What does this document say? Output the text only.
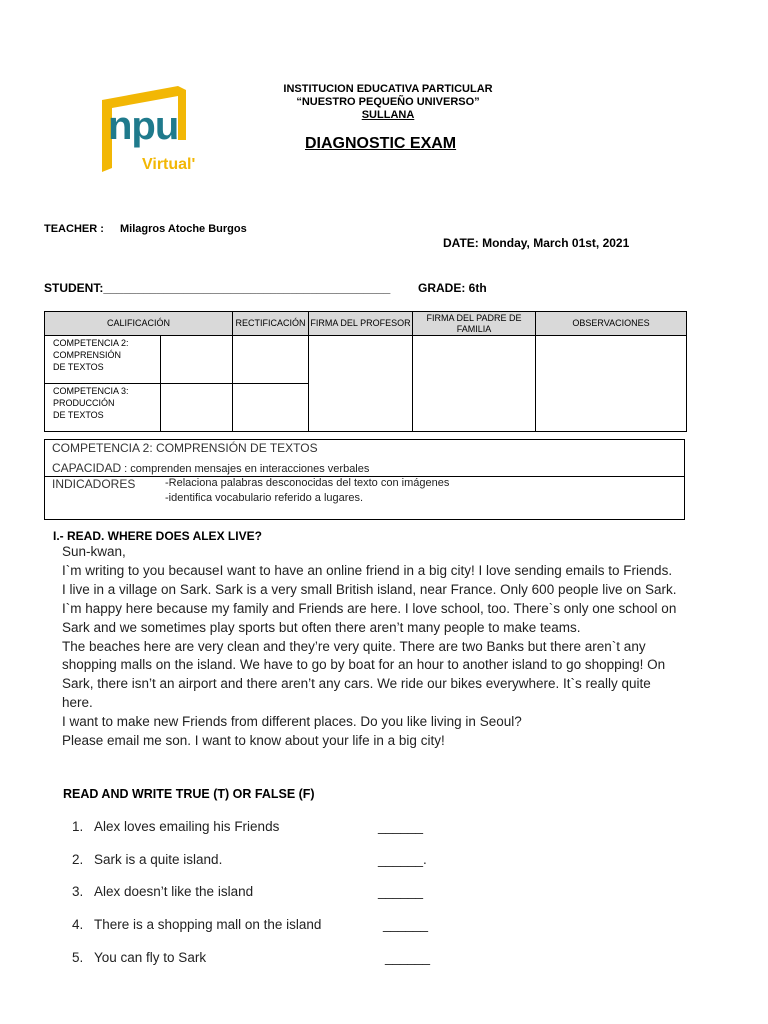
INSTITUCION EDUCATIVA PARTICULAR
“NUESTRO PEQUEÑO UNIVERSO”
SULLANA
npu
Virtual'
DIAGNOSTIC EXAM
TEACHER : Milagros Atoche Burgos
DATE: Monday, March 01st, 2021
STUDENT:___________________________________________ GRADE: 6th
CALIFICACIÓN		RECTIFICACIÓN	FIRMA DEL PROFESOR	FIRMA DEL PADRE DE FAMILIA	OBSERVACIONES

COMPETENCIA 2:
COMPRENSIÓN
DE TEXTOS					

COMPETENCIA 3:
PRODUCCIÓN
DE TEXTOS					

COMPETENCIA 2: COMPRENSIÓN DE TEXTOS
CAPACIDAD : comprenden mensajes en interacciones verbales
INDICADORES	-Relaciona palabras desconocidas del texto con imágenes
-identifica vocabulario referido a lugares.
I.- READ. WHERE DOES ALEX LIVE?

Sun-kwan,

I`m writing to you becauseI want to have an online friend in a big city! I love sending emails to Friends.

I live in a village on Sark. Sark is a very small British island, near France. Only 600 people live on Sark.

I`m happy here because my family and Friends are here. I love school, too. There`s only one school on

Sark and we sometimes play sports but often there aren’t many people to make teams.

The beaches here are very clean and they’re very quite. There are two Banks but there aren`t any

shopping malls on the island. We have to go by boat for an hour to another island to go shopping! On

Sark, there isn’t an airport and there aren’t any cars. We ride our bikes everywhere. It`s really quite

here.

I want to make new Friends from different places. Do you like living in Seoul?

Please email me son. I want to know about your life in a big city!

READ AND WRITE TRUE (T) OR FALSE (F)
1. Alex loves emailing his Friends	______
2. Sark is a quite island.	______.
3. Alex doesn’t like the island	______
4. There is a shopping mall on the island	______
5. You can fly to Sark	______
